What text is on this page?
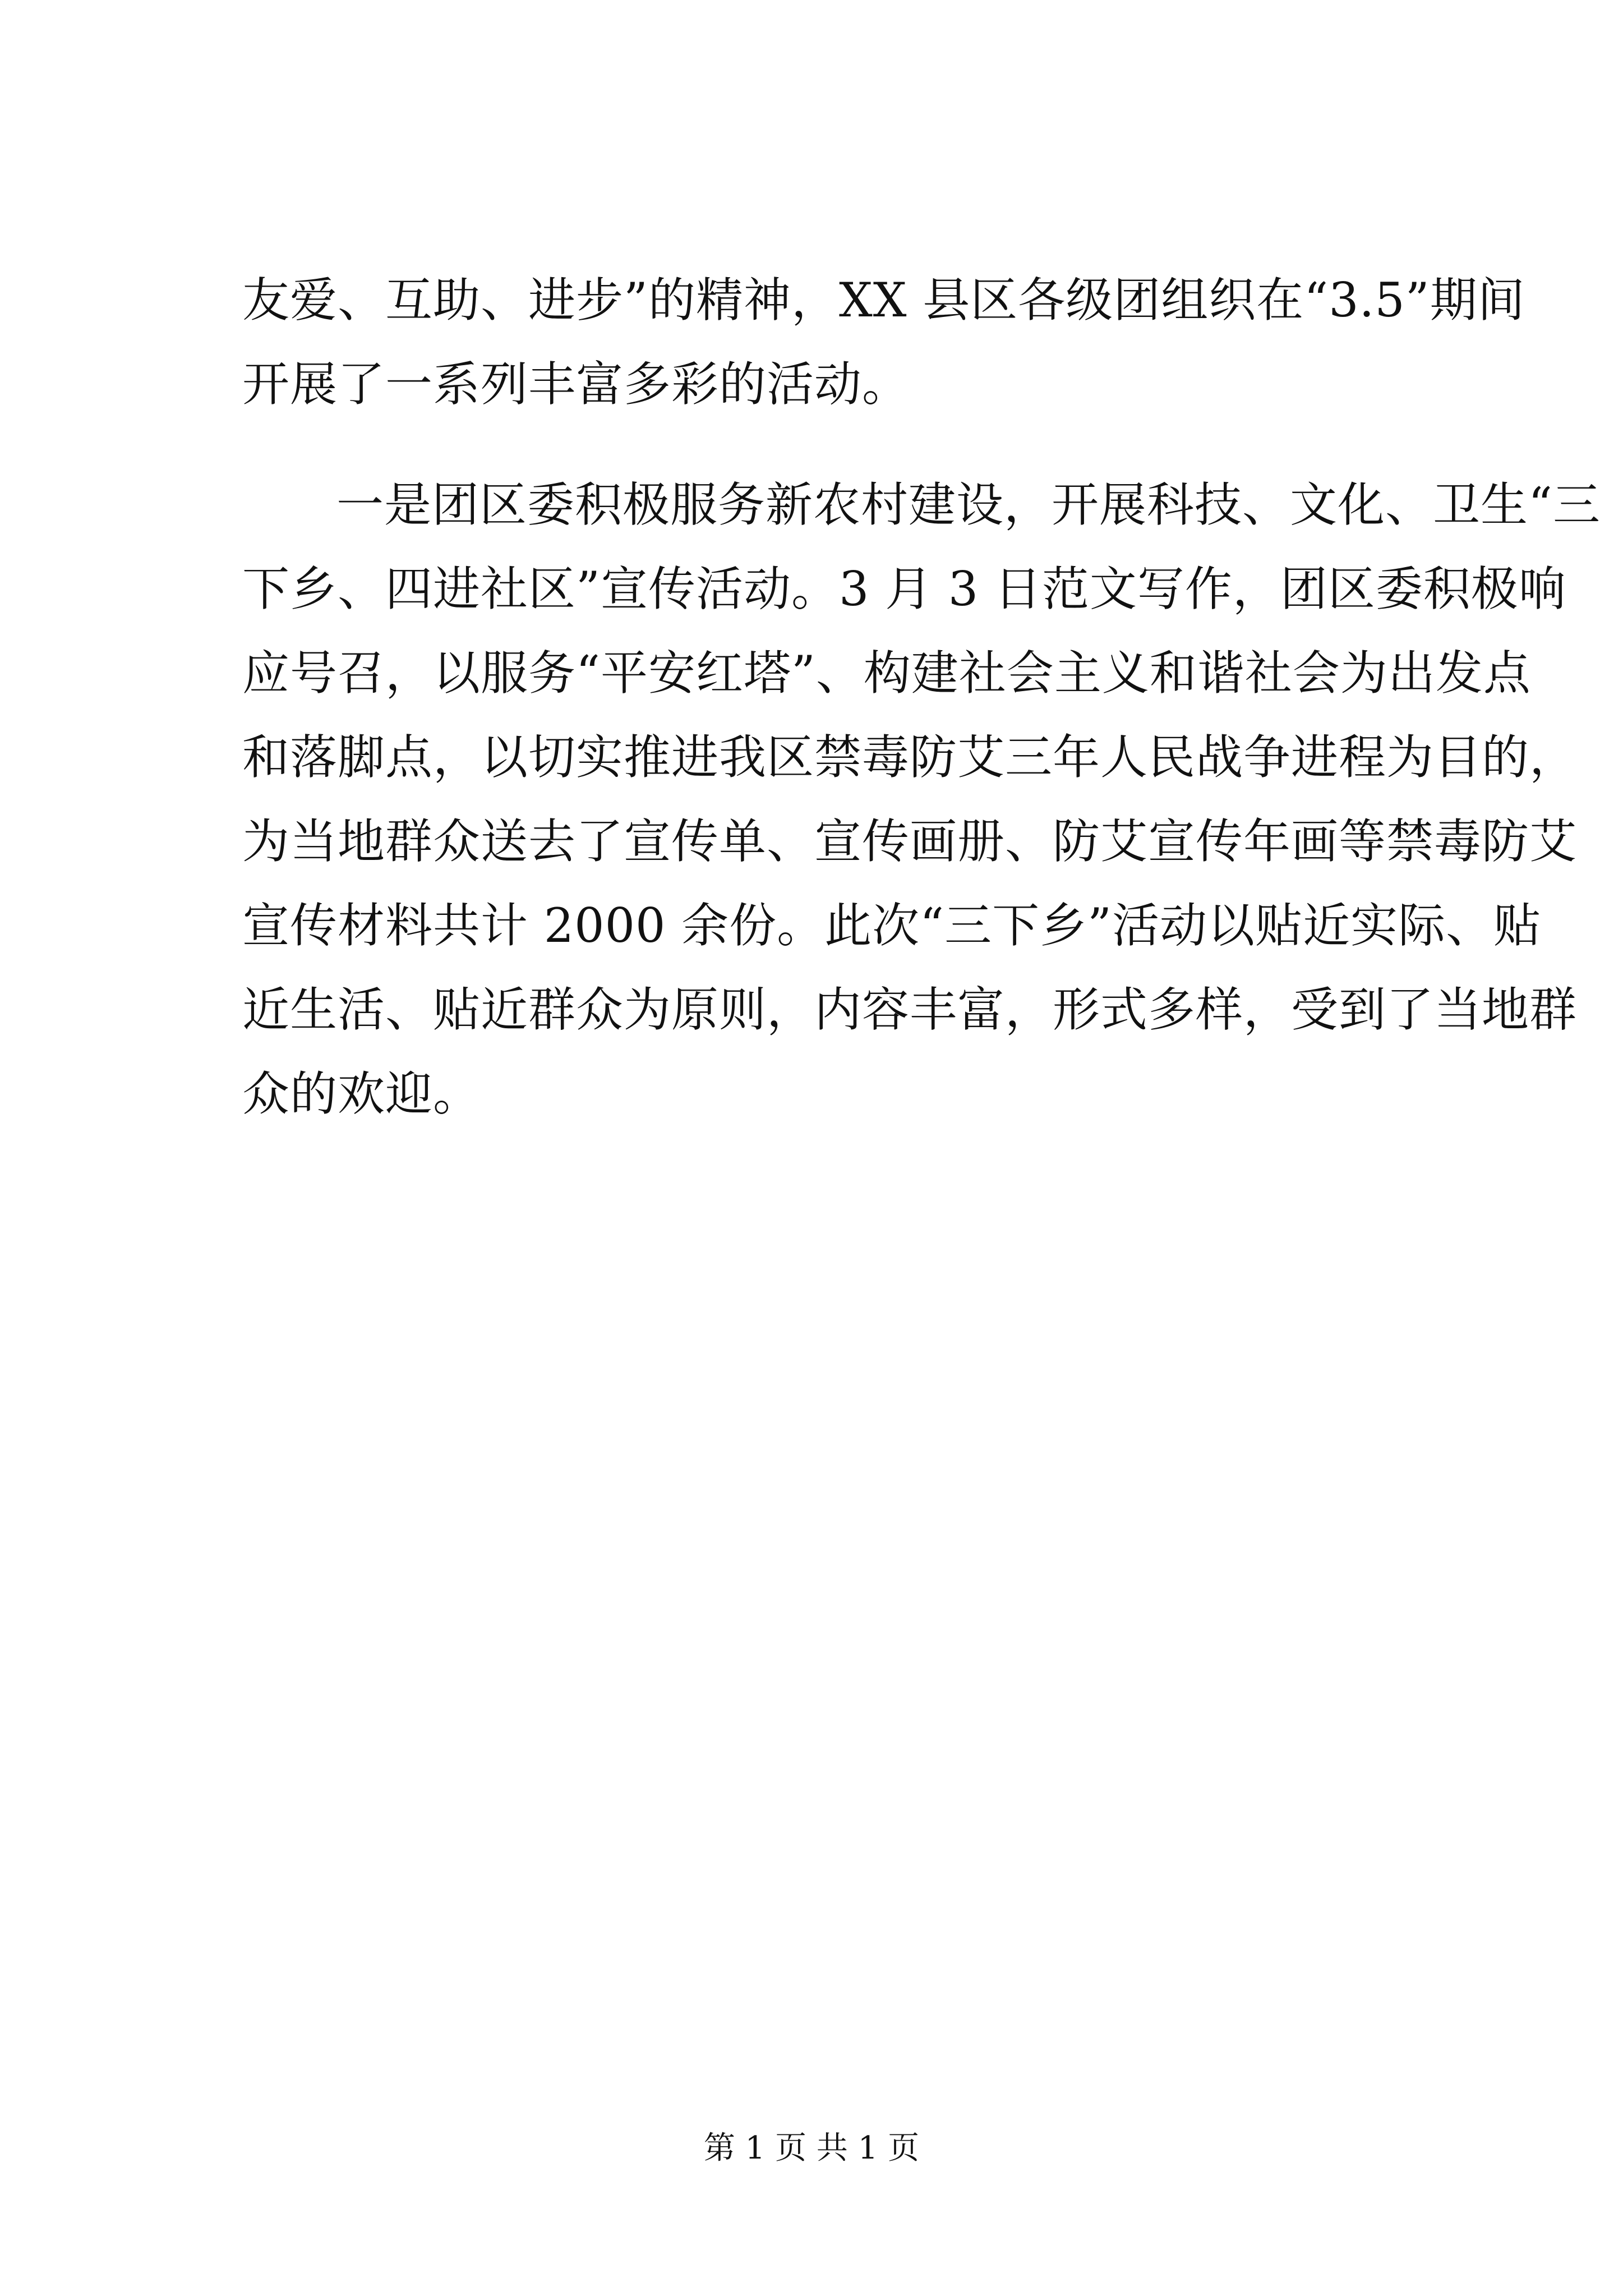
友爱、互助、进步”的精神，XX 县区各级团组织在“3.5”期间
开展了一系列丰富多彩的活动。
一是团区委积极服务新农村建设，开展科技、文化、卫生“三
下乡、四进社区”宣传活动。3 月 3 日范文写作，团区委积极响
应号召，以服务“平安红塔”、构建社会主义和谐社会为出发点
和落脚点，以切实推进我区禁毒防艾三年人民战争进程为目的，
为当地群众送去了宣传单、宣传画册、防艾宣传年画等禁毒防艾
宣传材料共计 2000 余份。此次“三下乡”活动以贴近实际、贴
近生活、贴近群众为原则，内容丰富，形式多样，受到了当地群
众的欢迎。
第 1 页 共 1 页
